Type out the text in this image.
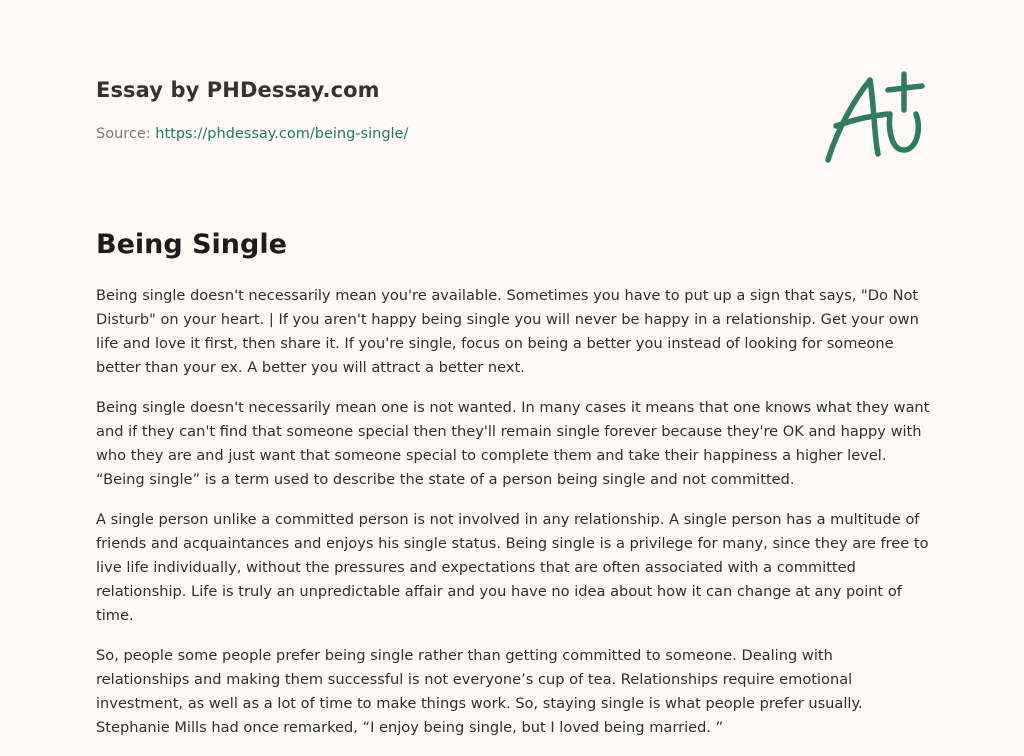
Essay by PHDessay.com
Source: https://phdessay.com/being-single/
Being Single

Being single doesn't necessarily mean you're available. Sometimes you have to put up a sign that says, "Do Not Disturb" on your heart. | If you aren't happy being single you will never be happy in a relationship. Get your own life and love it first, then share it. If you're single, focus on being a better you instead of looking for someone better than your ex. A better you will attract a better next.

Being single doesn't necessarily mean one is not wanted. In many cases it means that one knows what they want and if they can't find that someone special then they'll remain single forever because they're OK and happy with who they are and just want that someone special to complete them and take their happiness a higher level. “Being single” is a term used to describe the state of a person being single and not committed.

A single person unlike a committed person is not involved in any relationship. A single person has a multitude of friends and acquaintances and enjoys his single status. Being single is a privilege for many, since they are free to live life individually, without the pressures and expectations that are often associated with a committed relationship. Life is truly an unpredictable affair and you have no idea about how it can change at any point of time.

So, people some people prefer being single rather than getting committed to someone. Dealing with relationships and making them successful is not everyone’s cup of tea. Relationships require emotional investment, as well as a lot of time to make things work. So, staying single is what people prefer usually. Stephanie Mills had once remarked, “I enjoy being single, but I loved being married. ”
